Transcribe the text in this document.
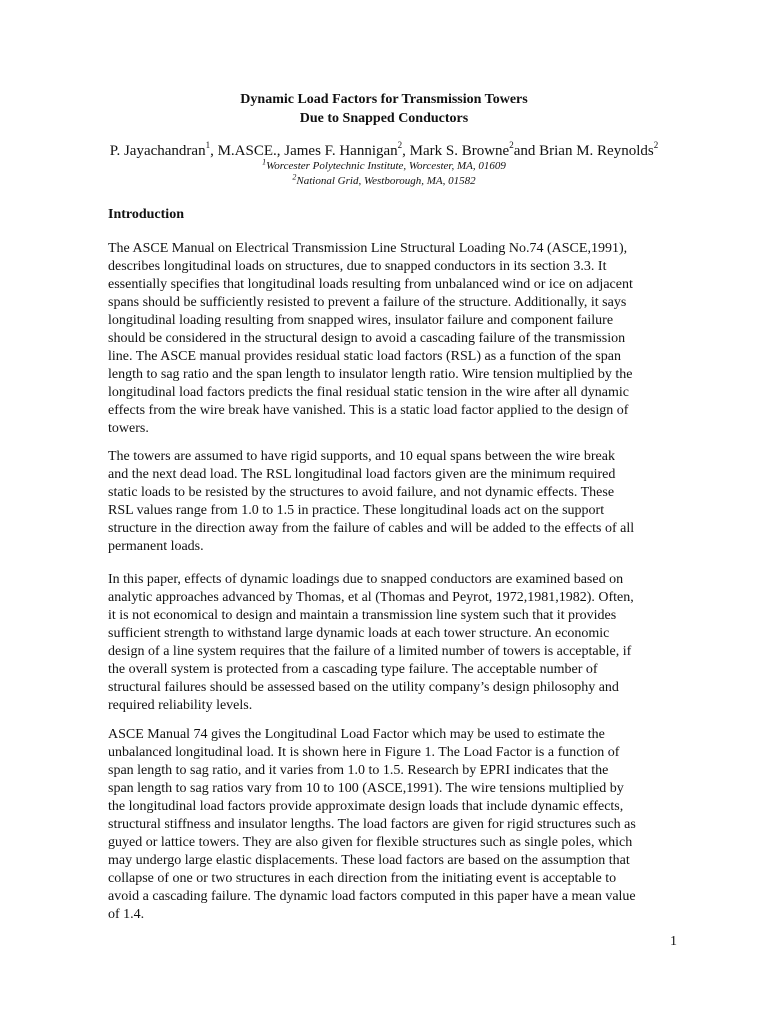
Dynamic Load Factors for Transmission Towers
Due to Snapped Conductors
P. Jayachandran$^1$, M.ASCE., James F. Hannigan$^2$, Mark S. Browne$^2$and Brian M. Reynolds$^2$
$^1$Worcester Polytechnic Institute, Worcester, MA, 01609
$^2$National Grid, Westborough, MA, 01582
Introduction
The ASCE Manual on Electrical Transmission Line Structural Loading No.74 (ASCE,1991),
describes longitudinal loads on structures, due to snapped conductors in its section 3.3. It
essentially specifies that longitudinal loads resulting from unbalanced wind or ice on adjacent
spans should be sufficiently resisted to prevent a failure of the structure. Additionally, it says
longitudinal loading resulting from snapped wires, insulator failure and component failure
should be considered in the structural design to avoid a cascading failure of the transmission
line. The ASCE manual provides residual static load factors (RSL) as a function of the span
length to sag ratio and the span length to insulator length ratio. Wire tension multiplied by the
longitudinal load factors predicts the final residual static tension in the wire after all dynamic
effects from the wire break have vanished. This is a static load factor applied to the design of
towers.
The towers are assumed to have rigid supports, and 10 equal spans between the wire break
and the next dead load. The RSL longitudinal load factors given are the minimum required
static loads to be resisted by the structures to avoid failure, and not dynamic effects. These
RSL values range from 1.0 to 1.5 in practice. These longitudinal loads act on the support
structure in the direction away from the failure of cables and will be added to the effects of all
permanent loads.
In this paper, effects of dynamic loadings due to snapped conductors are examined based on
analytic approaches advanced by Thomas, et al (Thomas and Peyrot, 1972,1981,1982). Often,
it is not economical to design and maintain a transmission line system such that it provides
sufficient strength to withstand large dynamic loads at each tower structure. An economic
design of a line system requires that the failure of a limited number of towers is acceptable, if
the overall system is protected from a cascading type failure. The acceptable number of
structural failures should be assessed based on the utility company’s design philosophy and
required reliability levels.
ASCE Manual 74 gives the Longitudinal Load Factor which may be used to estimate the
unbalanced longitudinal load. It is shown here in Figure 1. The Load Factor is a function of
span length to sag ratio, and it varies from 1.0 to 1.5. Research by EPRI indicates that the
span length to sag ratios vary from 10 to 100 (ASCE,1991). The wire tensions multiplied by
the longitudinal load factors provide approximate design loads that include dynamic effects,
structural stiffness and insulator lengths. The load factors are given for rigid structures such as
guyed or lattice towers. They are also given for flexible structures such as single poles, which
may undergo large elastic displacements. These load factors are based on the assumption that
collapse of one or two structures in each direction from the initiating event is acceptable to
avoid a cascading failure. The dynamic load factors computed in this paper have a mean value
of 1.4.
1
